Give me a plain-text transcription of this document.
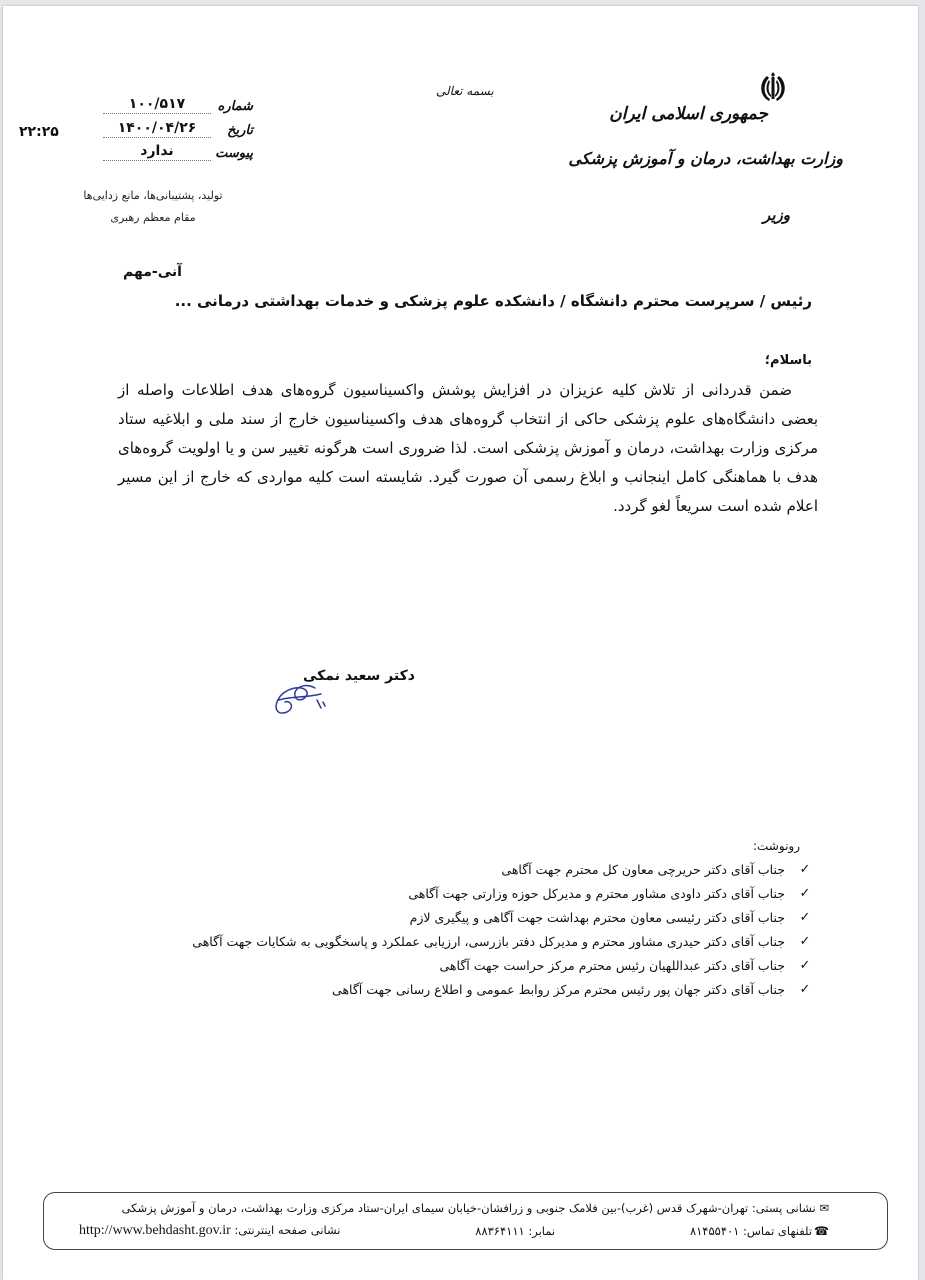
جمهوری اسلامی ایران
وزارت بهداشت، درمان و آموزش پزشکی
وزیر
بسمه تعالی
۲۲:۲۵
شماره
۱۰۰/۵۱۷
تاریخ
۱۴۰۰/۰۴/۲۶
پیوست
ندارد
تولید، پشتیبانی‌ها، مانع زدایی‌ها
مقام معظم رهبری
آنی-مهم
رئیس / سرپرست محترم دانشگاه / دانشکده علوم پزشکی و خدمات بهداشتی درمانی ...
باسلام؛
ضمن قدردانی از تلاش کلیه عزیزان در افزایش پوشش واکسیناسیون گروه‌های هدف اطلاعات واصله از بعضی دانشگاه‌های علوم پزشکی حاکی از انتخاب گروه‌های هدف واکسیناسیون خارج از سند ملی و ابلاغیه ستاد مرکزی وزارت بهداشت، درمان و آموزش پزشکی است. لذا ضروری است هرگونه تغییر سن و یا اولویت گروه‌های هدف با هماهنگی کامل اینجانب و ابلاغ رسمی آن صورت گیرد. شایسته است کلیه مواردی که خارج از این مسیر اعلام شده است سریعاً لغو گردد.
دکتر سعید نمکی
رونوشت:
✓
جناب آقای دکتر حریرچی معاون کل محترم جهت آگاهی
✓
جناب آقای دکتر داودی مشاور محترم و مدیرکل حوزه وزارتی جهت آگاهی
✓
جناب آقای دکتر رئیسی معاون محترم بهداشت جهت آگاهی و پیگیری لازم
✓
جناب آقای دکتر حیدری مشاور محترم و مدیرکل دفتر بازرسی، ارزیابی عملکرد و پاسخگویی به شکایات جهت آگاهی
✓
جناب آقای دکتر عبداللهیان رئیس محترم مرکز حراست جهت آگاهی
✓
جناب آقای دکتر جهان پور رئیس محترم مرکز روابط عمومی و اطلاع رسانی جهت آگاهی
✉ نشانی پستی: تهران-شهرک قدس (غرب)-بین فلامک جنوبی و زرافشان-خیابان سیمای ایران-ستاد مرکزی وزارت بهداشت، درمان و آموزش پزشکی
☎تلفنهای تماس: ۸۱۴۵۵۴۰۱
نمابر: ۸۸۳۶۴۱۱۱
نشانی صفحه اینترنتی: http://www.behdasht.gov.ir
